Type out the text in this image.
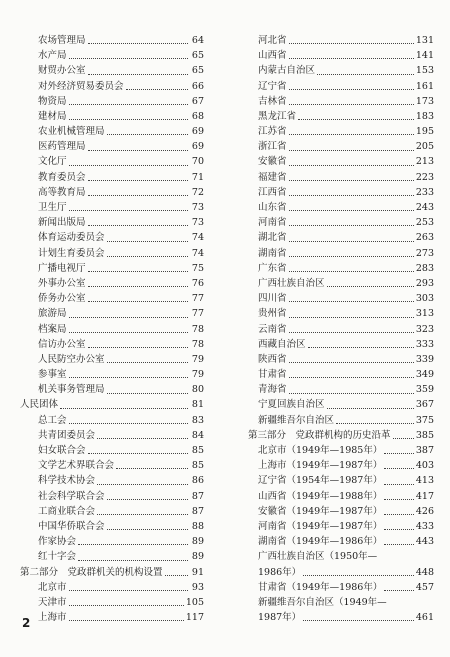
农场管理局	64
水产局	65
财贸办公室	65
对外经济贸易委员会	66
物资局	67
建材局	68
农业机械管理局	69
医药管理局	69
文化厅	70
教育委员会	71
高等教育局	72
卫生厅	73
新闻出版局	73
体育运动委员会	74
计划生育委员会	74
广播电视厅	75
外事办公室	76
侨务办公室	77
旅游局	77
档案局	78
信访办公室	78
人民防空办公室	79
参事室	79
机关事务管理局	80
人民团体	81
总工会	83
共青团委员会	84
妇女联合会	85
文学艺术界联合会	85
科学技术协会	86
社会科学联合会	87
工商业联合会	87
中国华侨联合会	88
作家协会	89
红十字会	89
第二部分　党政群机关的机构设置	91
北京市	93
天津市	105
上海市	117
河北省	131
山西省	141
内蒙古自治区	153
辽宁省	161
吉林省	173
黑龙江省	183
江苏省	195
浙江省	205
安徽省	213
福建省	223
江西省	233
山东省	243
河南省	253
湖北省	263
湖南省	273
广东省	283
广西壮族自治区	293
四川省	303
贵州省	313
云南省	323
西藏自治区	333
陕西省	339
甘肃省	349
青海省	359
宁夏回族自治区	367
新疆维吾尔自治区	375
第三部分　党政群机构的历史沿革	385
北京市（1949年—1985年）	387
上海市（1949年—1987年）	403
辽宁省（1954年—1987年）	413
山西省（1949年—1988年）	417
安徽省（1949年—1987年）	426
河南省（1949年—1987年）	433
湖南省（1949年—1986年）	443
广西壮族自治区（1950年—
1986年）	448
甘肃省（1949年—1986年）	457
新疆维吾尔自治区（1949年—
1987年）	461
2
